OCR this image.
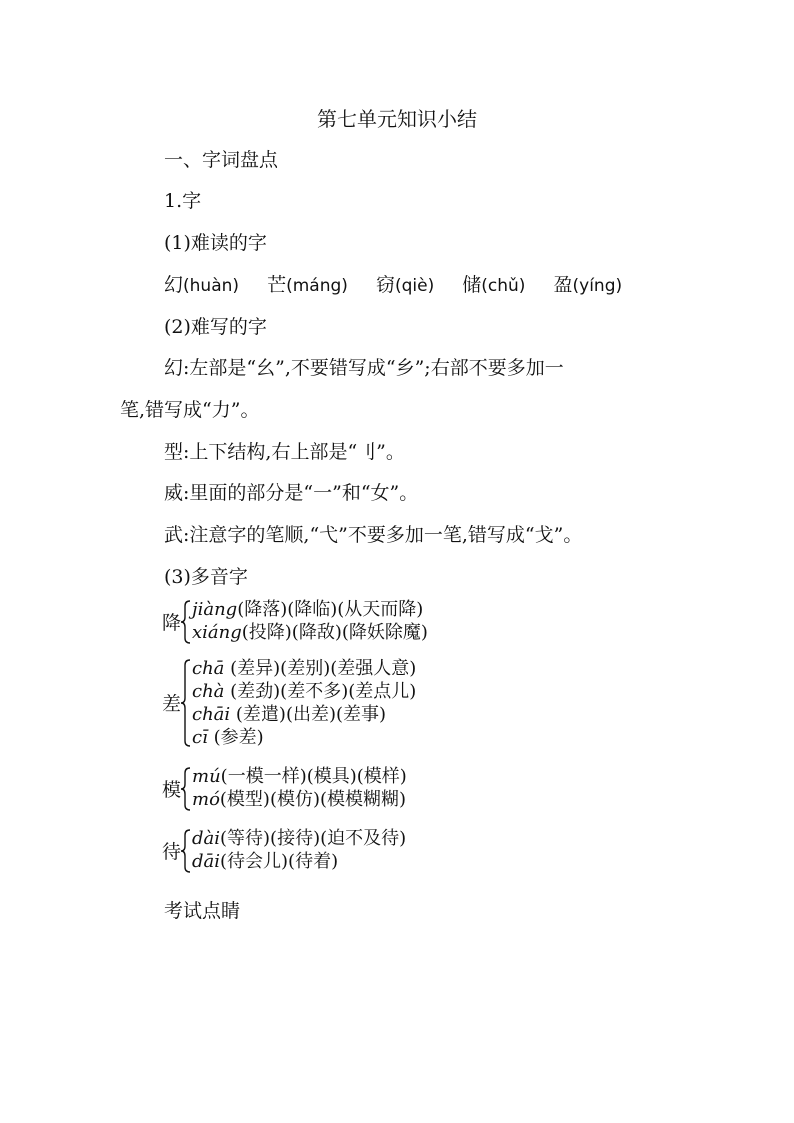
第七单元知识小结
一、字词盘点
1.字
(1)难读的字
幻(huàn) 芒(máng) 窃(qiè) 储(chǔ) 盈(yíng)
(2)难写的字
幻:左部是“幺”,不要错写成“乡”;右部不要多加一
笔,错写成“力”。
型:上下结构,右上部是“刂”。
威:里面的部分是“一”和“女”。
武:注意字的笔顺,“弋”不要多加一笔,错写成“戈”。
(3)多音字
降
jiàng(降落)(降临)(从天而降)
xiáng(投降)(降敌)(降妖除魔)
差
chā (差异)(差别)(差强人意)
chà (差劲)(差不多)(差点儿)
chāi (差遣)(出差)(差事)
cī (参差)
模
mú(一模一样)(模具)(模样)
mó(模型)(模仿)(模模糊糊)
待
dài(等待)(接待)(迫不及待)
dāi(待会儿)(待着)
考试点睛
